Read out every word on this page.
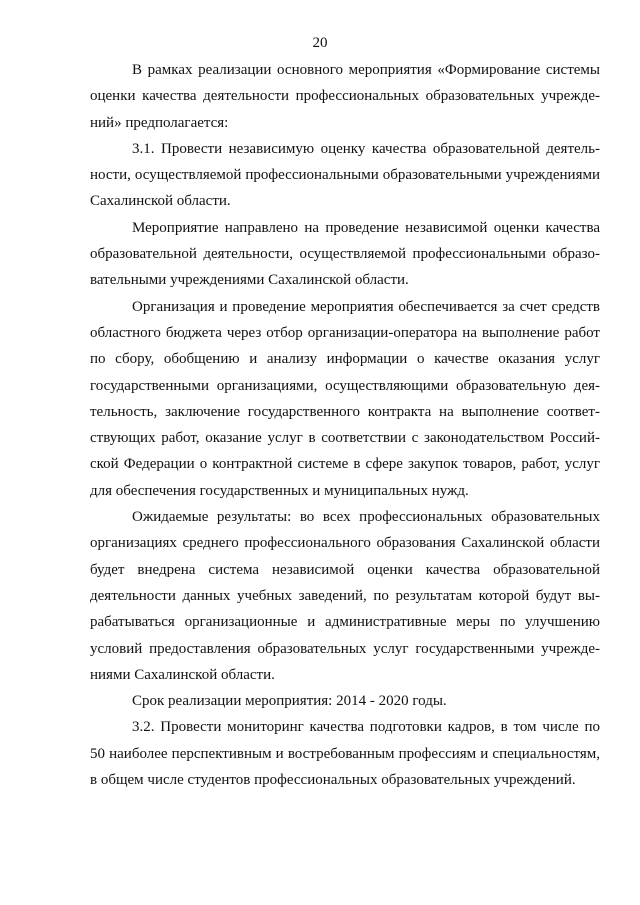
20

В рамках реализации основного мероприятия «Формирование системы оценки качества деятельности профессиональных образовательных учреждений» предполагается:

3.1. Провести независимую оценку качества образовательной деятельности, осуществляемой профессиональными образовательными учреждениями Сахалинской области.

Мероприятие направлено на проведение независимой оценки качества образовательной деятельности, осуществляемой профессиональными образовательными учреждениями Сахалинской области.

Организация и проведение мероприятия обеспечивается за счет средств областного бюджета через отбор организации-оператора на выполнение работ по сбору, обобщению и анализу информации о качестве оказания услуг государственными организациями, осуществляющими образовательную деятельность, заключение государственного контракта на выполнение соответствующих работ, оказание услуг в соответствии с законодательством Российской Федерации о контрактной системе в сфере закупок товаров, работ, услуг для обеспечения государственных и муниципальных нужд.

Ожидаемые результаты: во всех профессиональных образовательных организациях среднего профессионального образования Сахалинской области будет внедрена система независимой оценки качества образовательной деятельности данных учебных заведений, по результатам которой будут вырабатываться организационные и административные меры по улучшению условий предоставления образовательных услуг государственными учреждениями Сахалинской области.

Срок реализации мероприятия: 2014 - 2020 годы.

3.2. Провести мониторинг качества подготовки кадров, в том числе по 50 наиболее перспективным и востребованным профессиям и специальностям, в общем числе студентов профессиональных образовательных учреждений.
